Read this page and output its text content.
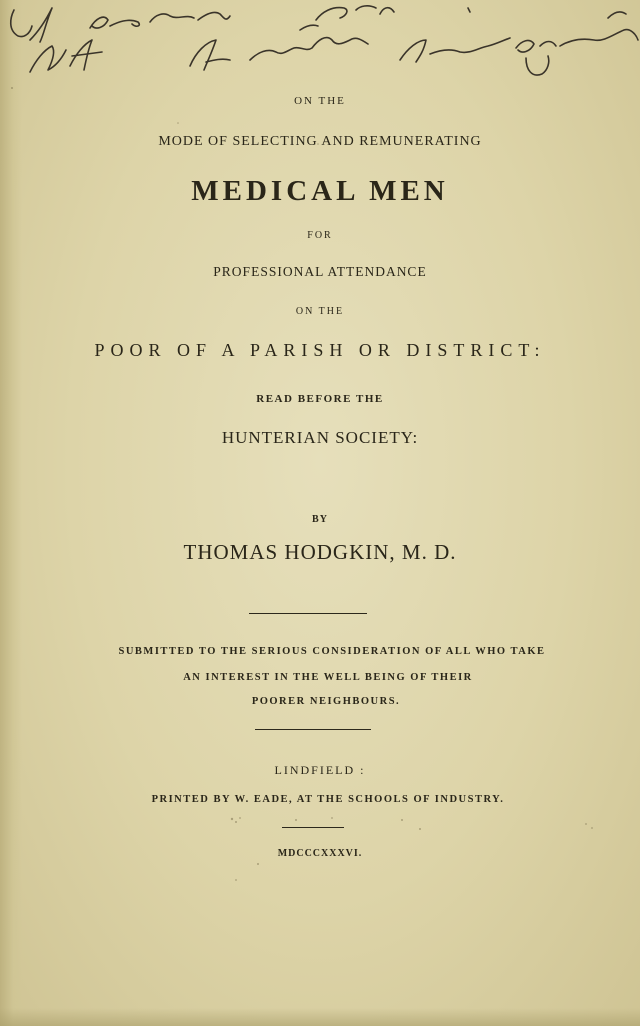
ON THE
MODE OF SELECTING AND REMUNERATING
MEDICAL MEN
FOR
PROFESSIONAL ATTENDANCE
ON THE
POOR OF A PARISH OR DISTRICT:
READ BEFORE THE
HUNTERIAN SOCIETY:
BY
THOMAS HODGKIN, M. D.
SUBMITTED TO THE SERIOUS CONSIDERATION OF ALL WHO TAKE
AN INTEREST IN THE WELL BEING OF THEIR
POORER NEIGHBOURS.
LINDFIELD :
PRINTED BY W. EADE, AT THE SCHOOLS OF INDUSTRY.
MDCCCXXXVI.
